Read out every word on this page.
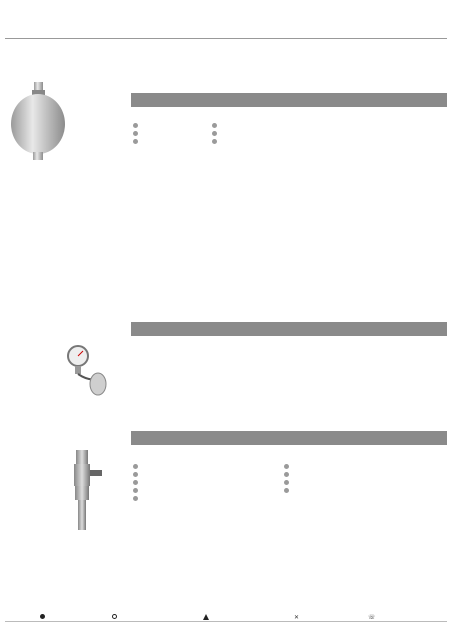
✕	☏
